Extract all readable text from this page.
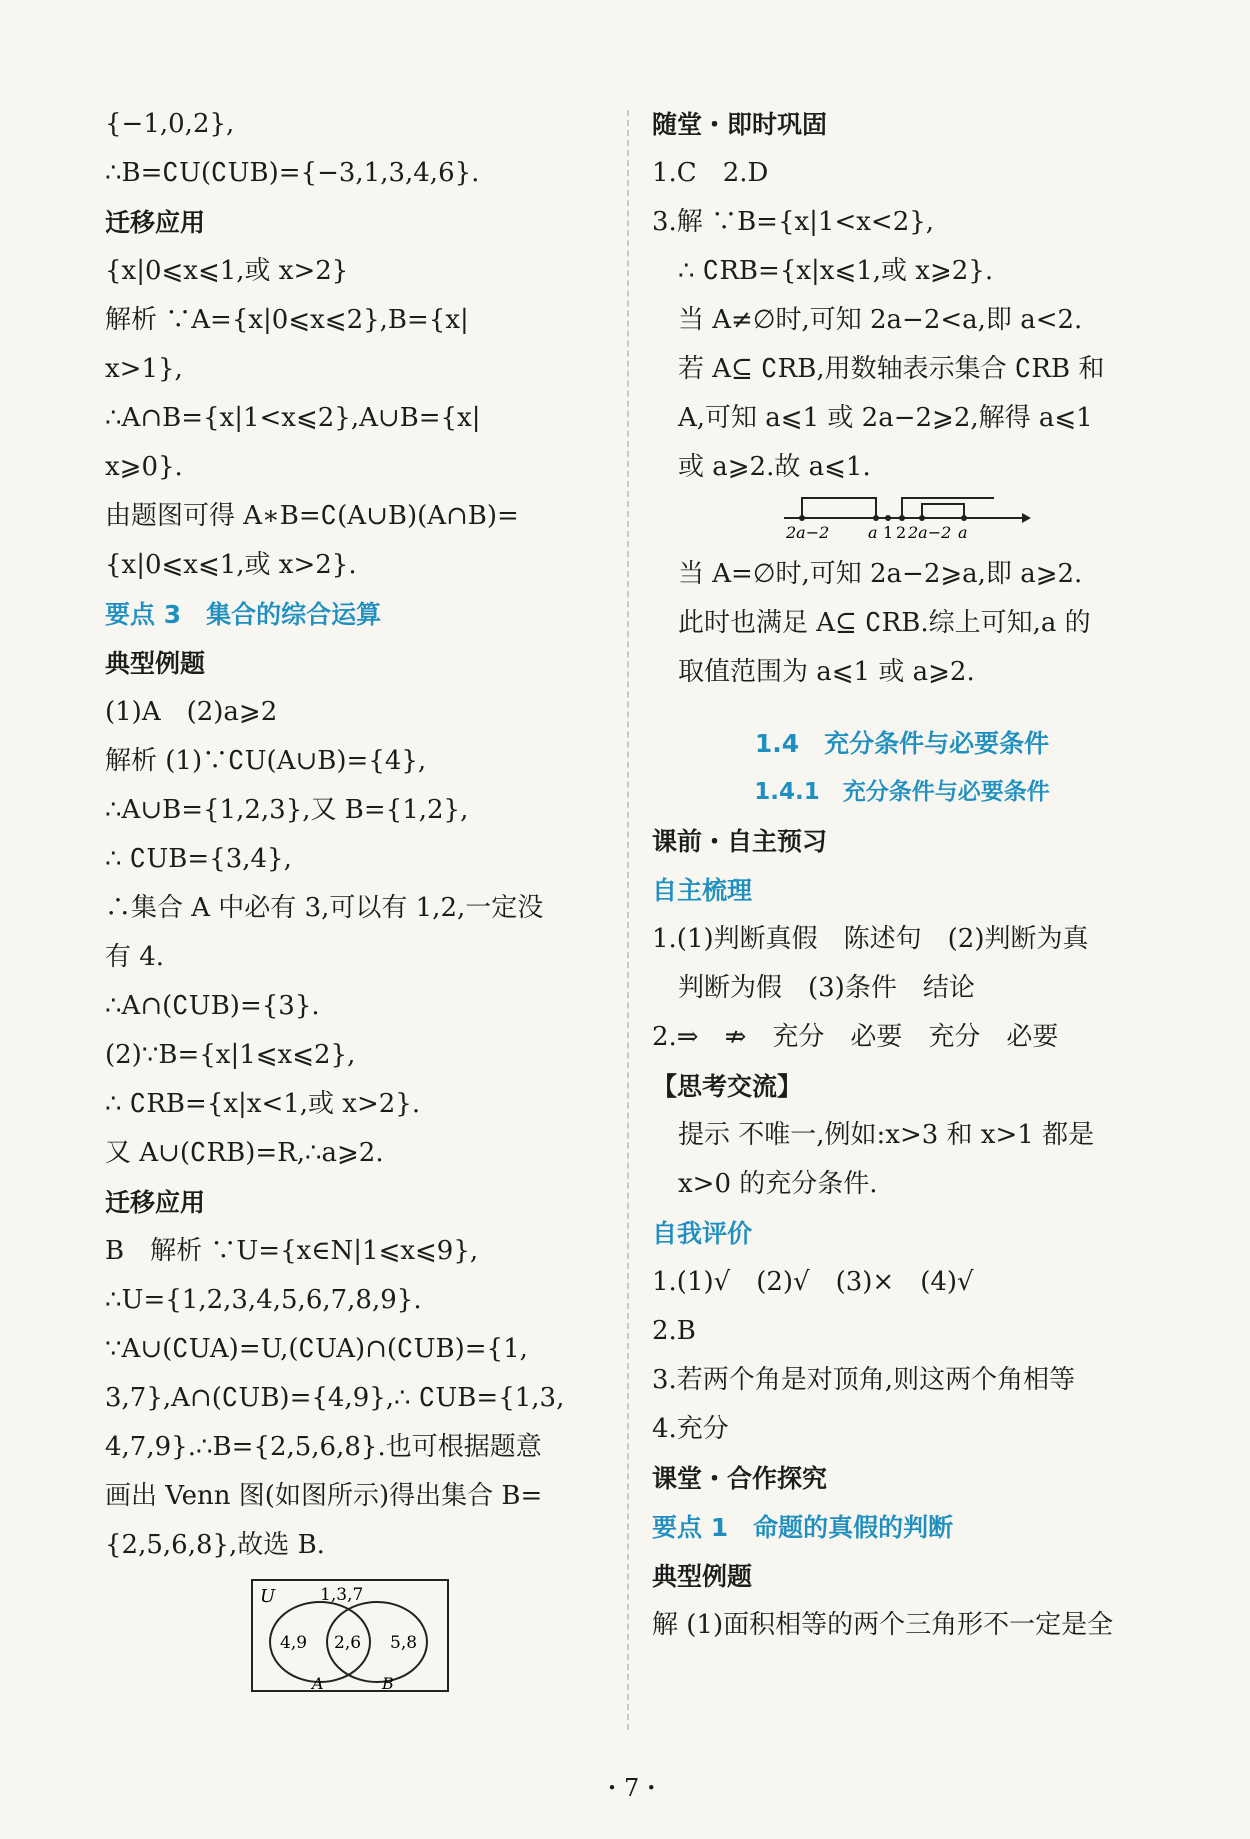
{−1,0,2},

∴B=∁U(∁UB)={−3,1,3,4,6}.

迁移应用

{x|0⩽x⩽1,或 x>2}

解析 ∵A={x|0⩽x⩽2},B={x|

x>1},

∴A∩B={x|1<x⩽2},A∪B={x|

x⩾0}.

由题图可得 A∗B=∁(A∪B)(A∩B)=

{x|0⩽x⩽1,或 x>2}.

要点 3　集合的综合运算

典型例题

(1)A　(2)a⩾2

解析 (1)∵∁U(A∪B)={4},

∴A∪B={1,2,3},又 B={1,2},

∴ ∁UB={3,4},

∴集合 A 中必有 3,可以有 1,2,一定没

有 4.

∴A∩(∁UB)={3}.

(2)∵B={x|1⩽x⩽2},

∴ ∁RB={x|x<1,或 x>2}.

又 A∪(∁RB)=R,∴a⩾2.

迁移应用

B　解析 ∵U={x∈N|1⩽x⩽9},

∴U={1,2,3,4,5,6,7,8,9}.

∵A∪(∁UA)=U,(∁UA)∩(∁UB)={1,

3,7},A∩(∁UB)={4,9},∴ ∁UB={1,3,

4,7,9}.∴B={2,5,6,8}.也可根据题意

画出 Venn 图(如图所示)得出集合 B=

{2,5,6,8},故选 B.

U	1,3,7
4,9 2,6 5,8
A	B

随堂・即时巩固

1.C　2.D

3.解 ∵B={x|1<x<2},

∴ ∁RB={x|x⩽1,或 x⩾2}.

当 A≠∅时,可知 2a−2<a,即 a<2.

若 A⊆ ∁RB,用数轴表示集合 ∁RB 和

A,可知 a⩽1 或 2a−2⩾2,解得 a⩽1

或 a⩾2.故 a⩽1.

2a−2 a 1 2 2a−2 a

当 A=∅时,可知 2a−2⩾a,即 a⩾2.

此时也满足 A⊆ ∁RB.综上可知,a 的

取值范围为 a⩽1 或 a⩾2.

1.4　充分条件与必要条件

1.4.1　充分条件与必要条件

课前・自主预习

自主梳理

1.(1)判断真假　陈述句　(2)判断为真

判断为假　(3)条件　结论

2.⇒　⇏　充分　必要　充分　必要

【思考交流】

提示 不唯一,例如:x>3 和 x>1 都是

x>0 的充分条件.

自我评价

1.(1)√　(2)√　(3)×　(4)√

2.B

3.若两个角是对顶角,则这两个角相等

4.充分

课堂・合作探究

要点 1　命题的真假的判断

典型例题

解 (1)面积相等的两个三角形不一定是全

・7・
